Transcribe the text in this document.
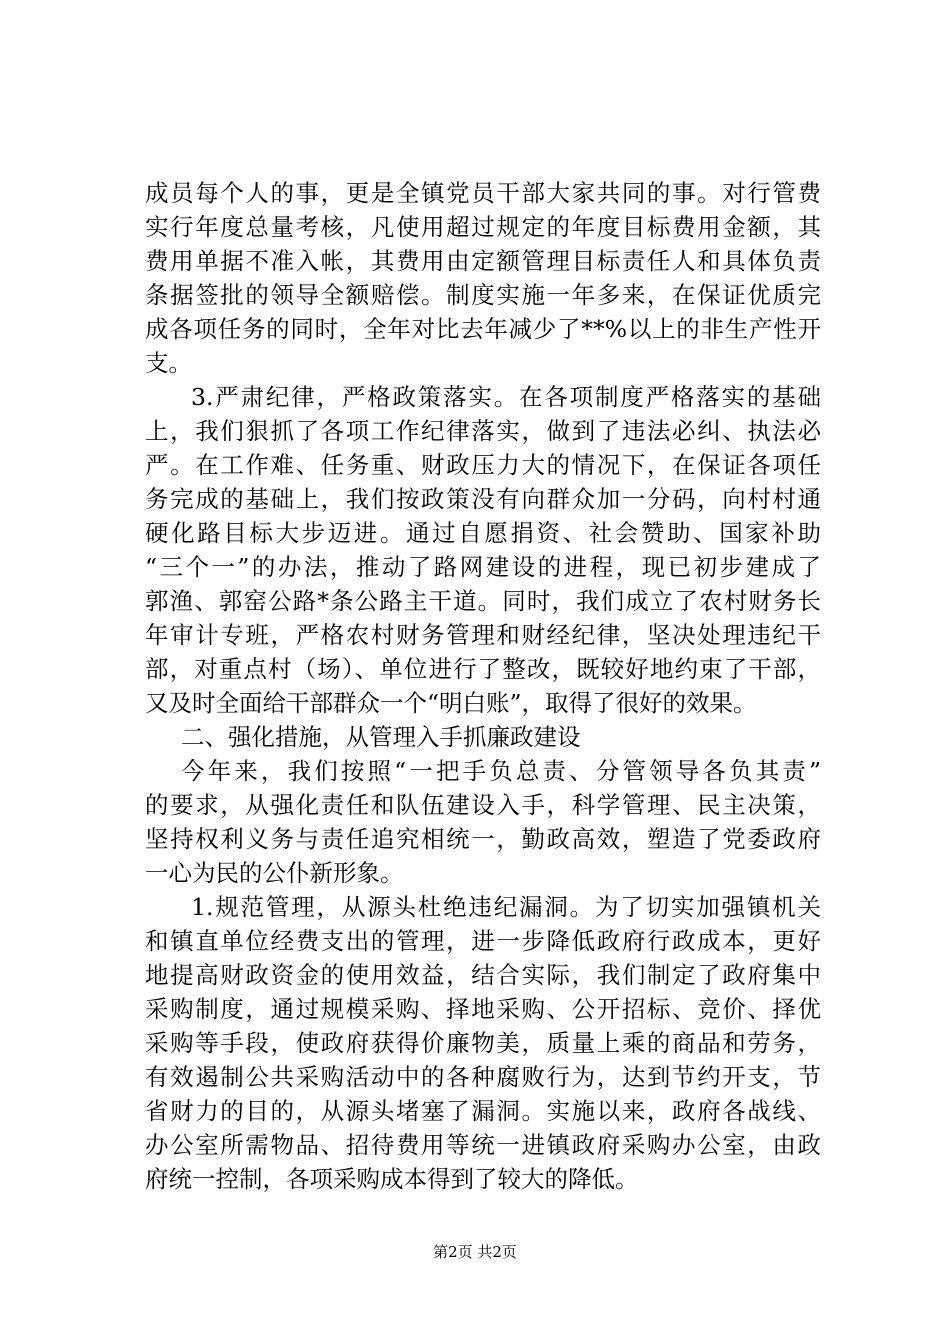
成员每个人的事，更是全镇党员干部大家共同的事。对行管费
实行年度总量考核，凡使用超过规定的年度目标费用金额，其
费用单据不准入帐，其费用由定额管理目标责任人和具体负责
条据签批的领导全额赔偿。制度实施一年多来，在保证优质完
成各项任务的同时，全年对比去年减少了**%以上的非生产性开
支。
3.严肃纪律，严格政策落实。在各项制度严格落实的基础
上，我们狠抓了各项工作纪律落实，做到了违法必纠、执法必
严。在工作难、任务重、财政压力大的情况下，在保证各项任
务完成的基础上，我们按政策没有向群众加一分码，向村村通
硬化路目标大步迈进。通过自愿捐资、社会赞助、国家补助
“三个一”的办法，推动了路网建设的进程，现已初步建成了
郭渔、郭窑公路*条公路主干道。同时，我们成立了农村财务长
年审计专班，严格农村财务管理和财经纪律，坚决处理违纪干
部，对重点村（场）、单位进行了整改，既较好地约束了干部，
又及时全面给干部群众一个“明白账”，取得了很好的效果。
二、强化措施，从管理入手抓廉政建设
今年来，我们按照“一把手负总责、分管领导各负其责”
的要求，从强化责任和队伍建设入手，科学管理、民主决策，
坚持权利义务与责任追究相统一，勤政高效，塑造了党委政府
一心为民的公仆新形象。
1.规范管理，从源头杜绝违纪漏洞。为了切实加强镇机关
和镇直单位经费支出的管理，进一步降低政府行政成本，更好
地提高财政资金的使用效益，结合实际，我们制定了政府集中
采购制度，通过规模采购、择地采购、公开招标、竞价、择优
采购等手段，使政府获得价廉物美，质量上乘的商品和劳务，
有效遏制公共采购活动中的各种腐败行为，达到节约开支，节
省财力的目的，从源头堵塞了漏洞。实施以来，政府各战线、
办公室所需物品、招待费用等统一进镇政府采购办公室，由政
府统一控制，各项采购成本得到了较大的降低。
第2页 共2页
